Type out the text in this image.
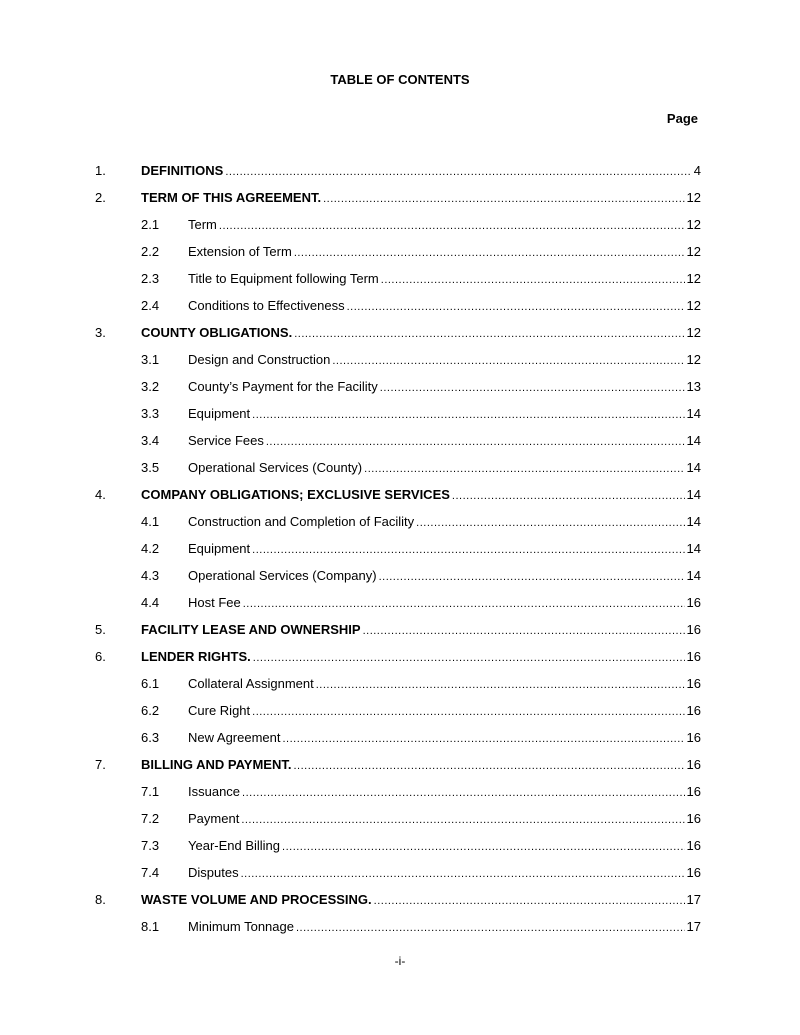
TABLE OF CONTENTS
Page
1.	DEFINITIONS .....	4
2.	TERM OF THIS AGREEMENT. .....	12
2.1 Term .....	12
2.2 Extension of Term .....	12
2.3 Title to Equipment following Term .....	12
2.4 Conditions to Effectiveness .....	12
3.	COUNTY OBLIGATIONS. .....	12
3.1 Design and Construction .....	12
3.2 County’s Payment for the Facility .....	13
3.3 Equipment .....	14
3.4 Service Fees .....	14
3.5 Operational Services (County) .....	14
4.	COMPANY OBLIGATIONS; EXCLUSIVE SERVICES .....	14
4.1 Construction and Completion of Facility .....	14
4.2 Equipment .....	14
4.3 Operational Services (Company) .....	14
4.4 Host Fee .....	16
5.	FACILITY LEASE AND OWNERSHIP .....	16
6.	LENDER RIGHTS. .....	16
6.1 Collateral Assignment .....	16
6.2 Cure Right .....	16
6.3 New Agreement .....	16
7.	BILLING AND PAYMENT. .....	16
7.1 Issuance .....	16
7.2 Payment .....	16
7.3 Year-End Billing .....	16
7.4 Disputes .....	16
8.	WASTE VOLUME AND PROCESSING. .....	17
8.1 Minimum Tonnage .....	17
-i-
